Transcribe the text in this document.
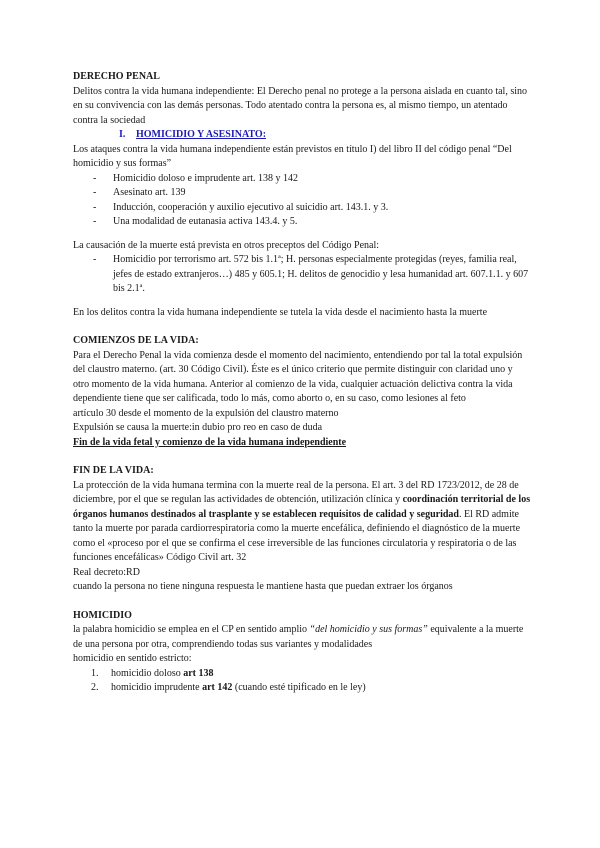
DERECHO PENAL

Delitos contra la vida humana independiente: El Derecho penal no protege a la persona aislada en cuanto tal, sino en su convivencia con las demás personas. Todo atentado contra la persona es, al mismo tiempo, un atentado contra la sociedad

I. HOMICIDIO Y ASESINATO:

Los ataques contra la vida humana independiente están previstos en título I) del libro II del código penal “Del homicidio y sus formas”

- Homicidio doloso e imprudente art. 138 y 142
- Asesinato art. 139
- Inducción, cooperación y auxilio ejecutivo al suicidio art. 143.1. y 3.
- Una modalidad de eutanasia activa 143.4. y 5.

La causación de la muerte está prevista en otros preceptos del Código Penal:

- Homicidio por terrorismo art. 572 bis 1.1ª; H. personas especialmente protegidas (reyes, familia real, jefes de estado extranjeros…) 485 y 605.1; H. delitos de genocidio y lesa humanidad art. 607.1.1. y 607 bis 2.1ª.

En los delitos contra la vida humana independiente se tutela la vida desde el nacimiento hasta la muerte

COMIENZOS DE LA VIDA:

Para el Derecho Penal la vida comienza desde el momento del nacimiento, entendiendo por tal la total expulsión del claustro materno. (art. 30 Código Civil). Éste es el único criterio que permite distinguir con claridad uno y otro momento de la vida humana. Anterior al comienzo de la vida, cualquier actuación delictiva contra la vida dependiente tiene que ser calificada, todo lo más, como aborto o, en su caso, como lesiones al feto

artículo 30 desde el momento de la expulsión del claustro materno

Expulsión se causa la muerte:in dubio pro reo en caso de duda

Fin de la vida fetal y comienzo de la vida humana independiente

FIN DE LA VIDA:

La protección de la vida humana termina con la muerte real de la persona. El art. 3 del RD 1723/2012, de 28 de diciembre, por el que se regulan las actividades de obtención, utilización clínica y coordinación territorial de los órganos humanos destinados al trasplante y se establecen requisitos de calidad y seguridad. El RD admite tanto la muerte por parada cardiorrespiratoria como la muerte encefálica, definiendo el diagnóstico de la muerte como el «proceso por el que se confirma el cese irreversible de las funciones circulatoria y respiratoria o de las funciones encefálicas» Código Civil art. 32

Real decreto:RD

cuando la persona no tiene ninguna respuesta le mantiene hasta que puedan extraer los órganos

HOMICIDIO

la palabra homicidio se emplea en el CP en sentido amplio “del homicidio y sus formas” equivalente a la muerte de una persona por otra, comprendiendo todas sus variantes y modalidades

homicidio en sentido estricto:

1. homicidio doloso art 138
2. homicidio imprudente art 142 (cuando esté tipificado en le ley)
